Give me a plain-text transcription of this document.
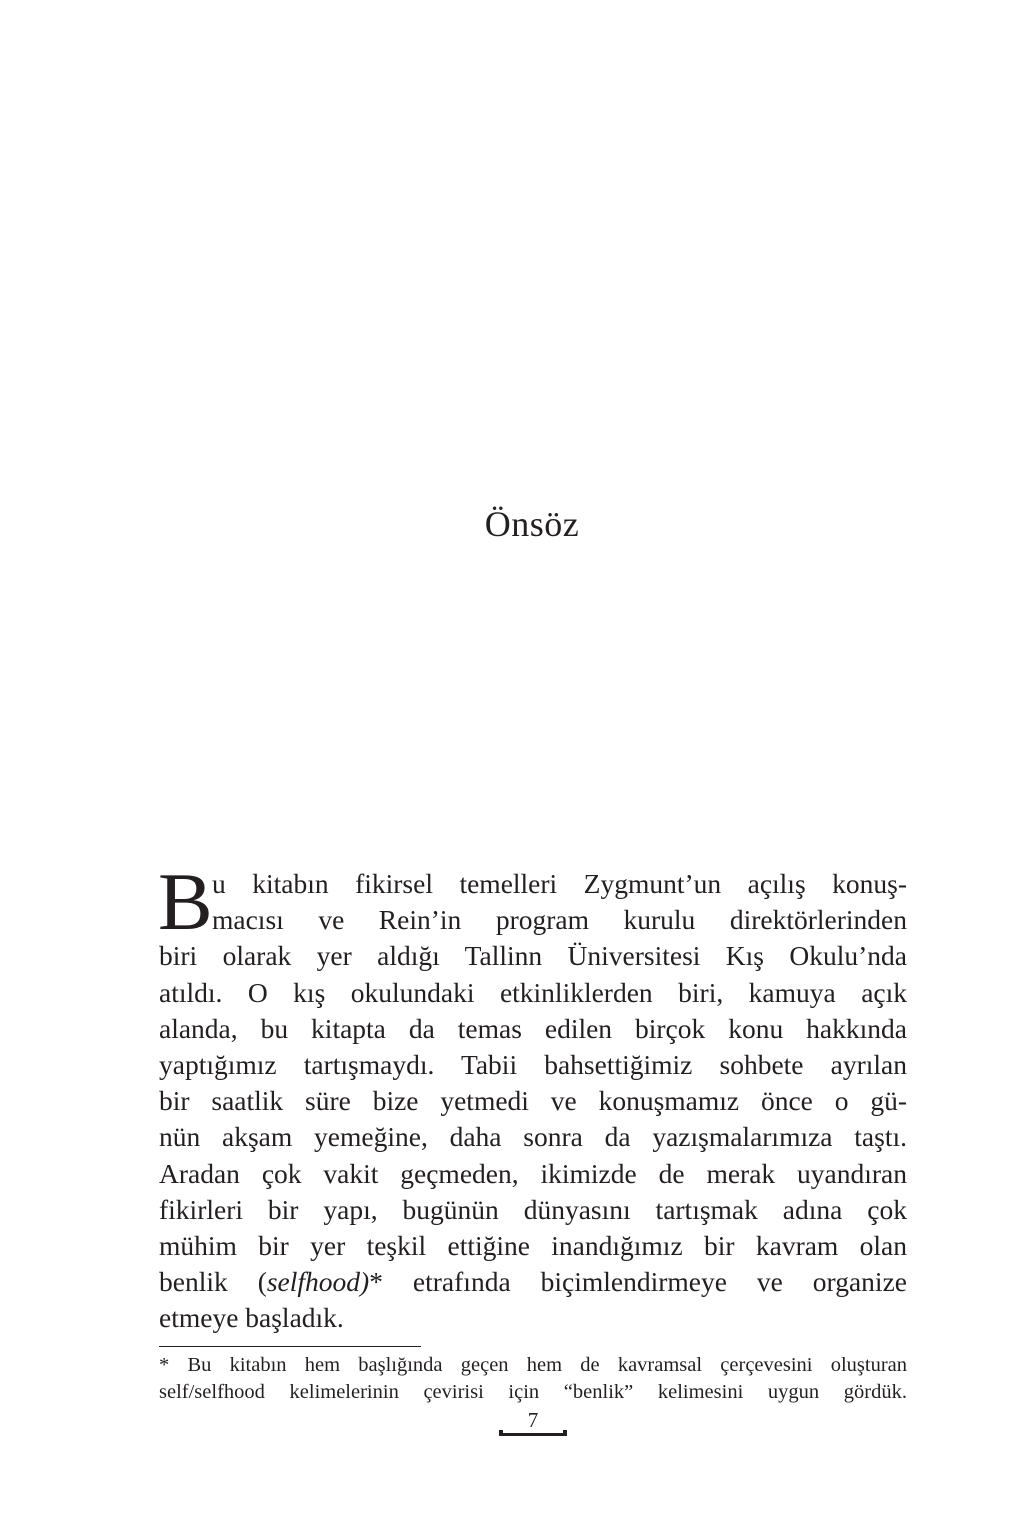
Önsöz
B u kitabın fikirsel temelleri Zygmunt’un açılış konuş-
macısı ve Rein’in program kurulu direktörlerinden
biri olarak yer aldığı Tallinn Üniversitesi Kış Okulu’nda
atıldı. O kış okulundaki etkinliklerden biri, kamuya açık
alanda, bu kitapta da temas edilen birçok konu hakkında
yaptığımız tartışmaydı. Tabii bahsettiğimiz sohbete ayrılan
bir saatlik süre bize yetmedi ve konuşmamız önce o gü-
nün akşam yemeğine, daha sonra da yazışmalarımıza taştı.
Aradan çok vakit geçmeden, ikimizde de merak uyandıran
fikirleri bir yapı, bugünün dünyasını tartışmak adına çok
mühim bir yer teşkil ettiğine inandığımız bir kavram olan
benlik (selfhood)* etrafında biçimlendirmeye ve organize
etmeye başladık.
* Bu kitabın hem başlığında geçen hem de kavramsal çerçevesini oluşturan
self/selfhood kelimelerinin çevirisi için “benlik” kelimesini uygun gördük.
7
